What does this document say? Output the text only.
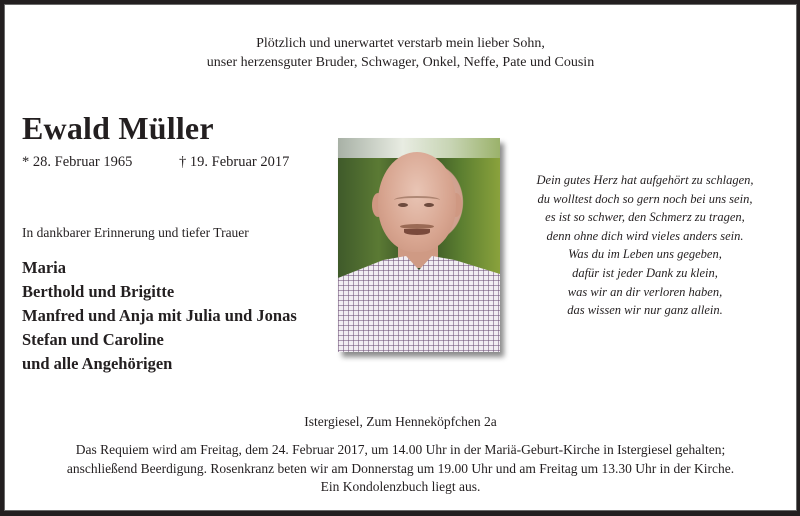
Plötzlich und unerwartet verstarb mein lieber Sohn,
unser herzensguter Bruder, Schwager, Onkel, Neffe, Pate und Cousin
Ewald Müller
* 28. Februar 1965	† 19. Februar 2017
In dankbarer Erinnerung und tiefer Trauer
Maria
Berthold und Brigitte
Manfred und Anja mit Julia und Jonas
Stefan und Caroline
und alle Angehörigen
Dein gutes Herz hat aufgehört zu schlagen,
du wolltest doch so gern noch bei uns sein,
es ist so schwer, den Schmerz zu tragen,
denn ohne dich wird vieles anders sein.
Was du im Leben uns gegeben,
dafür ist jeder Dank zu klein,
was wir an dir verloren haben,
das wissen wir nur ganz allein.
Istergiesel, Zum Henneköpfchen 2a
Das Requiem wird am Freitag, dem 24. Februar 2017, um 14.00 Uhr in der Mariä-Geburt-Kirche in Istergiesel gehalten;
anschließend Beerdigung. Rosenkranz beten wir am Donnerstag um 19.00 Uhr und am Freitag um 13.30 Uhr in der Kirche.
Ein Kondolenzbuch liegt aus.
